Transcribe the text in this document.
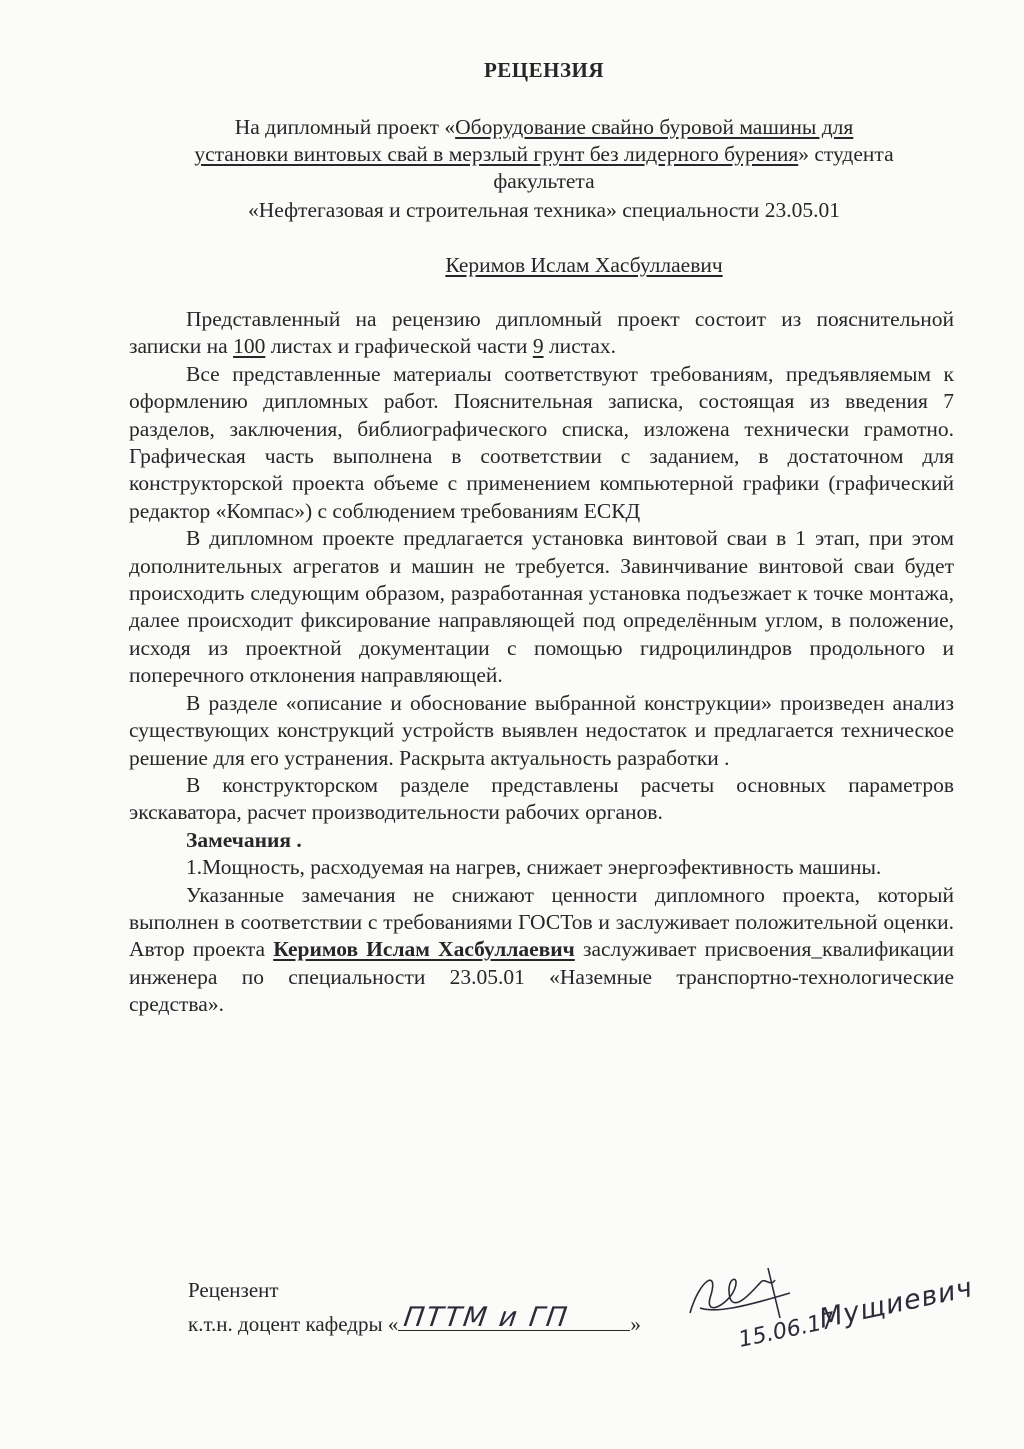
РЕЦЕНЗИЯ
На дипломный проект «Оборудование свайно буровой машины для
установки винтовых свай в мерзлый грунт без лидерного бурения» студента
факультета
«Нефтегазовая и строительная техника» специальности 23.05.01
Керимов Ислам Хасбуллаевич

Представленный на рецензию дипломный проект состоит из пояснительной записки на 100 листах и графической части 9 листах.

Все представленные материалы соответствуют требованиям, предъявляемым к оформлению дипломных работ. Пояснительная записка, состоящая из введения 7 разделов, заключения, библиографического списка, изложена технически грамотно. Графическая часть выполнена в соответствии с заданием, в достаточном для конструкторской проекта объеме с применением компьютерной графики (графический редактор «Компас») с соблюдением требованиям ЕСКД

В дипломном проекте предлагается установка винтовой сваи в 1 этап, при этом дополнительных агрегатов и машин не требуется. Завинчивание винтовой сваи будет происходить следующим образом, разработанная установка подъезжает к точке монтажа, далее происходит фиксирование направляющей под определённым углом, в положение, исходя из проектной документации с помощью гидроцилиндров продольного и поперечного отклонения направляющей.

В разделе «описание и обоснование выбранной конструкции» произведен анализ существующих конструкций устройств выявлен недостаток и предлагается техническое решение для его устранения. Раскрыта актуальность разработки .

В конструкторском разделе представлены расчеты основных параметров экскаватора, расчет производительности рабочих органов.

Замечания .

1.Мощность, расходуемая на нагрев, снижает энергоэфективность машины.

Указанные замечания не снижают ценности дипломного проекта, который выполнен в соответствии с требованиями ГОСТов и заслуживает положительной оценки. Автор проекта Керимов Ислам Хасбуллаевич заслуживает присвоения_квалификации инженера по специальности 23.05.01 «Наземные транспортно-технологические средства».

Рецензент
к.т.н. доцент кафедры « ПТТМ и ГП	»	15.06.17
Мущиевич
